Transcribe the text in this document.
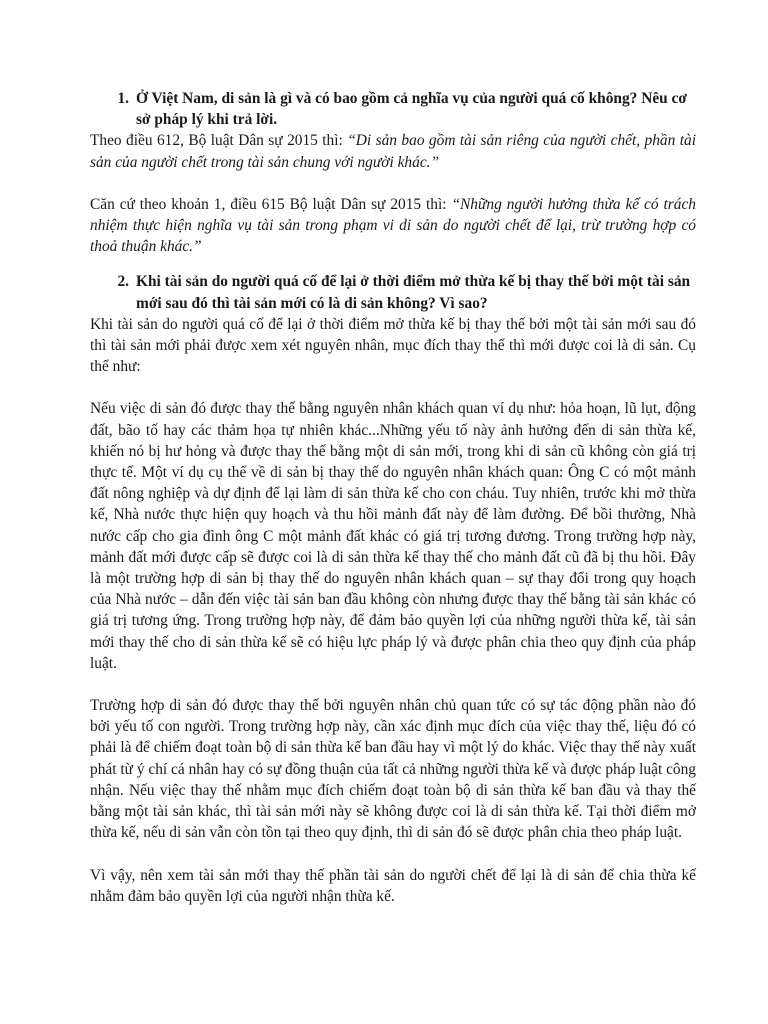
1. Ở Việt Nam, di sản là gì và có bao gồm cả nghĩa vụ của người quá cố không? Nêu cơ sở pháp lý khi trả lời.

Theo điều 612, Bộ luật Dân sự 2015 thì: “Di sản bao gồm tài sản riêng của người chết, phần tài sản của người chết trong tài sản chung với người khác.”

Căn cứ theo khoản 1, điều 615 Bộ luật Dân sự 2015 thì: “Những người hưởng thừa kế có trách nhiệm thực hiện nghĩa vụ tài sản trong phạm vi di sản do người chết để lại, trừ trường hợp có thoả thuận khác.”

2. Khi tài sản do người quá cố để lại ở thời điểm mở thừa kế bị thay thế bởi một tài sản mới sau đó thì tài sản mới có là di sản không? Vì sao?

Khi tài sản do người quá cố để lại ở thời điểm mở thừa kế bị thay thế bởi một tài sản mới sau đó thì tài sản mới phải được xem xét nguyên nhân, mục đích thay thế thì mới được coi là di sản. Cụ thể như:

Nếu việc di sản đó được thay thế bằng nguyên nhân khách quan ví dụ như: hỏa hoạn, lũ lụt, động đất, bão tố hay các thảm họa tự nhiên khác...Những yếu tố này ảnh hưởng đến di sản thừa kế, khiến nó bị hư hỏng và được thay thế bằng một di sản mới, trong khi di sản cũ không còn giá trị thực tế. Một ví dụ cụ thể về di sản bị thay thế do nguyên nhân khách quan: Ông C có một mảnh đất nông nghiệp và dự định để lại làm di sản thừa kế cho con cháu. Tuy nhiên, trước khi mở thừa kế, Nhà nước thực hiện quy hoạch và thu hồi mảnh đất này để làm đường. Để bồi thường, Nhà nước cấp cho gia đình ông C một mảnh đất khác có giá trị tương đương. Trong trường hợp này, mảnh đất mới được cấp sẽ được coi là di sản thừa kế thay thế cho mảnh đất cũ đã bị thu hồi. Đây là một trường hợp di sản bị thay thế do nguyên nhân khách quan – sự thay đổi trong quy hoạch của Nhà nước – dẫn đến việc tài sản ban đầu không còn nhưng được thay thế bằng tài sản khác có giá trị tương ứng. Trong trường hợp này, để đảm bảo quyền lợi của những người thừa kế, tài sản mới thay thế cho di sản thừa kế sẽ có hiệu lực pháp lý và được phân chia theo quy định của pháp luật.

Trường hợp di sản đó được thay thế bởi nguyên nhân chủ quan tức có sự tác động phần nào đó bởi yếu tố con người. Trong trường hợp này, cần xác định mục đích của việc thay thế, liệu đó có phải là để chiếm đoạt toàn bộ di sản thừa kế ban đầu hay vì một lý do khác. Việc thay thế này xuất phát từ ý chí cá nhân hay có sự đồng thuận của tất cả những người thừa kế và được pháp luật công nhận. Nếu việc thay thế nhằm mục đích chiếm đoạt toàn bộ di sản thừa kế ban đầu và thay thế bằng một tài sản khác, thì tài sản mới này sẽ không được coi là di sản thừa kế. Tại thời điểm mở thừa kế, nếu di sản vẫn còn tồn tại theo quy định, thì di sản đó sẽ được phân chia theo pháp luật.

Vì vậy, nên xem tài sản mới thay thế phần tài sản do người chết để lại là di sản để chia thừa kế nhằm đảm bảo quyền lợi của người nhận thừa kế.
